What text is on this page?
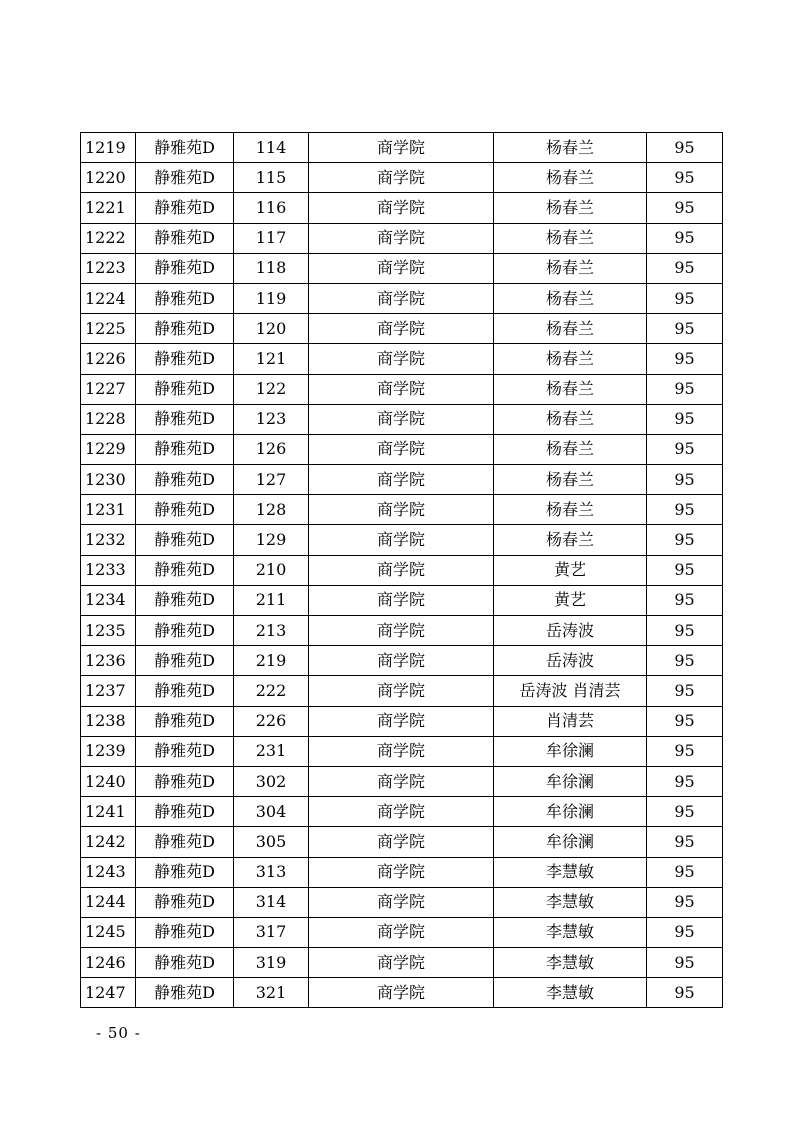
1219	静雅苑D	114	商学院	杨春兰	95
1220	静雅苑D	115	商学院	杨春兰	95
1221	静雅苑D	116	商学院	杨春兰	95
1222	静雅苑D	117	商学院	杨春兰	95
1223	静雅苑D	118	商学院	杨春兰	95
1224	静雅苑D	119	商学院	杨春兰	95
1225	静雅苑D	120	商学院	杨春兰	95
1226	静雅苑D	121	商学院	杨春兰	95
1227	静雅苑D	122	商学院	杨春兰	95
1228	静雅苑D	123	商学院	杨春兰	95
1229	静雅苑D	126	商学院	杨春兰	95
1230	静雅苑D	127	商学院	杨春兰	95
1231	静雅苑D	128	商学院	杨春兰	95
1232	静雅苑D	129	商学院	杨春兰	95
1233	静雅苑D	210	商学院	黄艺	95
1234	静雅苑D	211	商学院	黄艺	95
1235	静雅苑D	213	商学院	岳涛波	95
1236	静雅苑D	219	商学院	岳涛波	95
1237	静雅苑D	222	商学院	岳涛波 肖清芸	95
1238	静雅苑D	226	商学院	肖清芸	95
1239	静雅苑D	231	商学院	牟徐澜	95
1240	静雅苑D	302	商学院	牟徐澜	95
1241	静雅苑D	304	商学院	牟徐澜	95
1242	静雅苑D	305	商学院	牟徐澜	95
1243	静雅苑D	313	商学院	李慧敏	95
1244	静雅苑D	314	商学院	李慧敏	95
1245	静雅苑D	317	商学院	李慧敏	95
1246	静雅苑D	319	商学院	李慧敏	95
1247	静雅苑D	321	商学院	李慧敏	95
- 50 -
